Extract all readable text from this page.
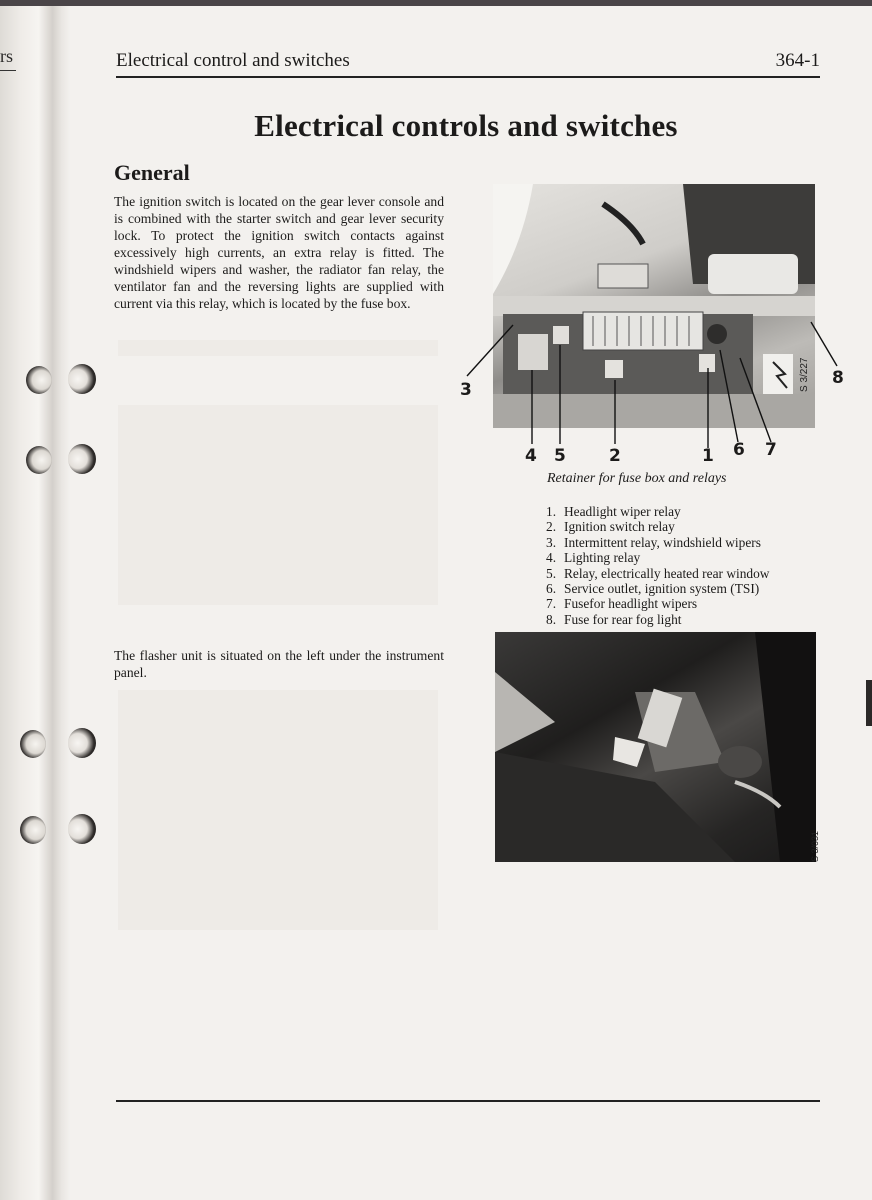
rs	Electrical control and switches	364-1
Electrical controls and switches
General

The ignition switch is located on the gear lever console and is combined with the starter switch and gear lever security lock. To protect the ignition switch contacts against excessively high currents, an extra relay is fitted. The windshield wipers and washer, the radiator fan relay, the ventilator fan and the reversing lights are supplied with current via this relay, which is located by the fuse box.

The flasher unit is situated on the left under the instrument panel.

3
4 5	2	1 6 7
8
S 3/227

Retainer for fuse box and relays

1. Headlight wiper relay
2. Ignition switch relay
3. Intermittent relay, windshield wipers
4. Lighting relay
5. Relay, electrically heated rear window
6. Service outlet, ignition system (TSI)
7. Fusefor headlight wipers
8. Fuse for rear fog light
S 3/031
